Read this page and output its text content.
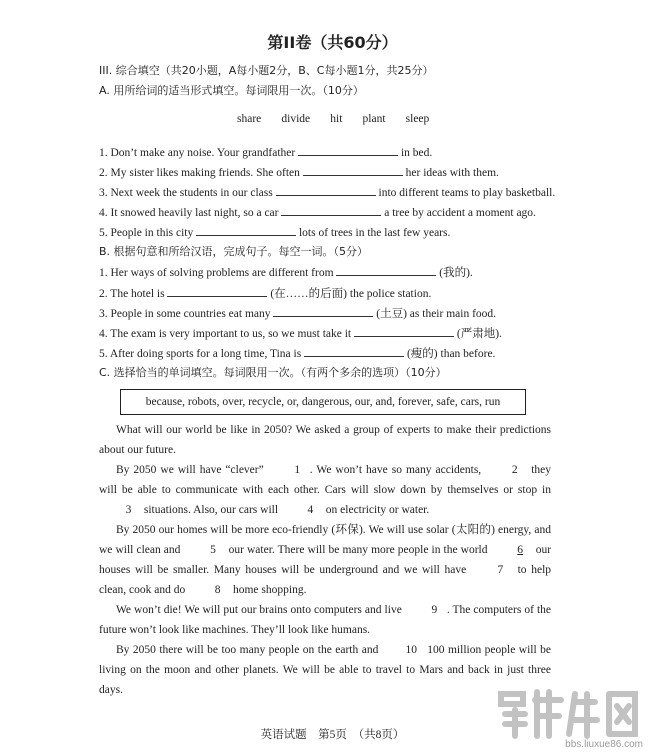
第II卷（共60分）
III. 综合填空（共20小题，A每小题2分，B、C每小题1分，共25分）
A. 用所给词的适当形式填空。每词限用一次。（10分）
share divide hit plant sleep
1. Don’t make any noise. Your grandfather	in bed.
2. My sister likes making friends. She often	her ideas with them.
3. Next week the students in our class	into different teams to play basketball.
4. It snowed heavily last night, so a car	a tree by accident a moment ago.
5. People in this city	lots of trees in the last few years.
B. 根据句意和所给汉语，完成句子。每空一词。（5分）
1. Her ways of solving problems are different from	(我的).
2. The hotel is	(在……的后面) the police station.
3. People in some countries eat many	(土豆) as their main food.
4. The exam is very important to us, so we must take it	(严肃地).
5. After doing sports for a long time, Tina is	(瘦的) than before.
C. 选择恰当的单词填空。每词限用一次。（有两个多余的选项）（10分）
because, robots, over, recycle, or, dangerous, our, and, forever, safe, cars, run
What will our world be like in 2050? We asked a group of experts to make their predictions about our future.
By 2050 we will have “clever”	1 . We won’t have so many accidents,	2 they will be able to communicate with each other. Cars will slow down by themselves or stop in 3 situations. Also, our cars will	4 on electricity or water.
By 2050 our homes will be more eco-friendly (环保). We will use solar (太阳的) energy, and we will clean and	5 our water. There will be many more people in the world	6 our houses will be smaller. Many houses will be underground and we will have	7 to help clean, cook and do	8 home shopping.
We won’t die! We will put our brains onto computers and live	9 . The computers of the future won’t look like machines. They’ll look like humans.
By 2050 there will be too many people on the earth and 10 100 million people will be living on the moon and other planets. We will be able to travel to Mars and back in just three days.
英语试题　第5页　（共8页）
bbs.liuxue86.com
